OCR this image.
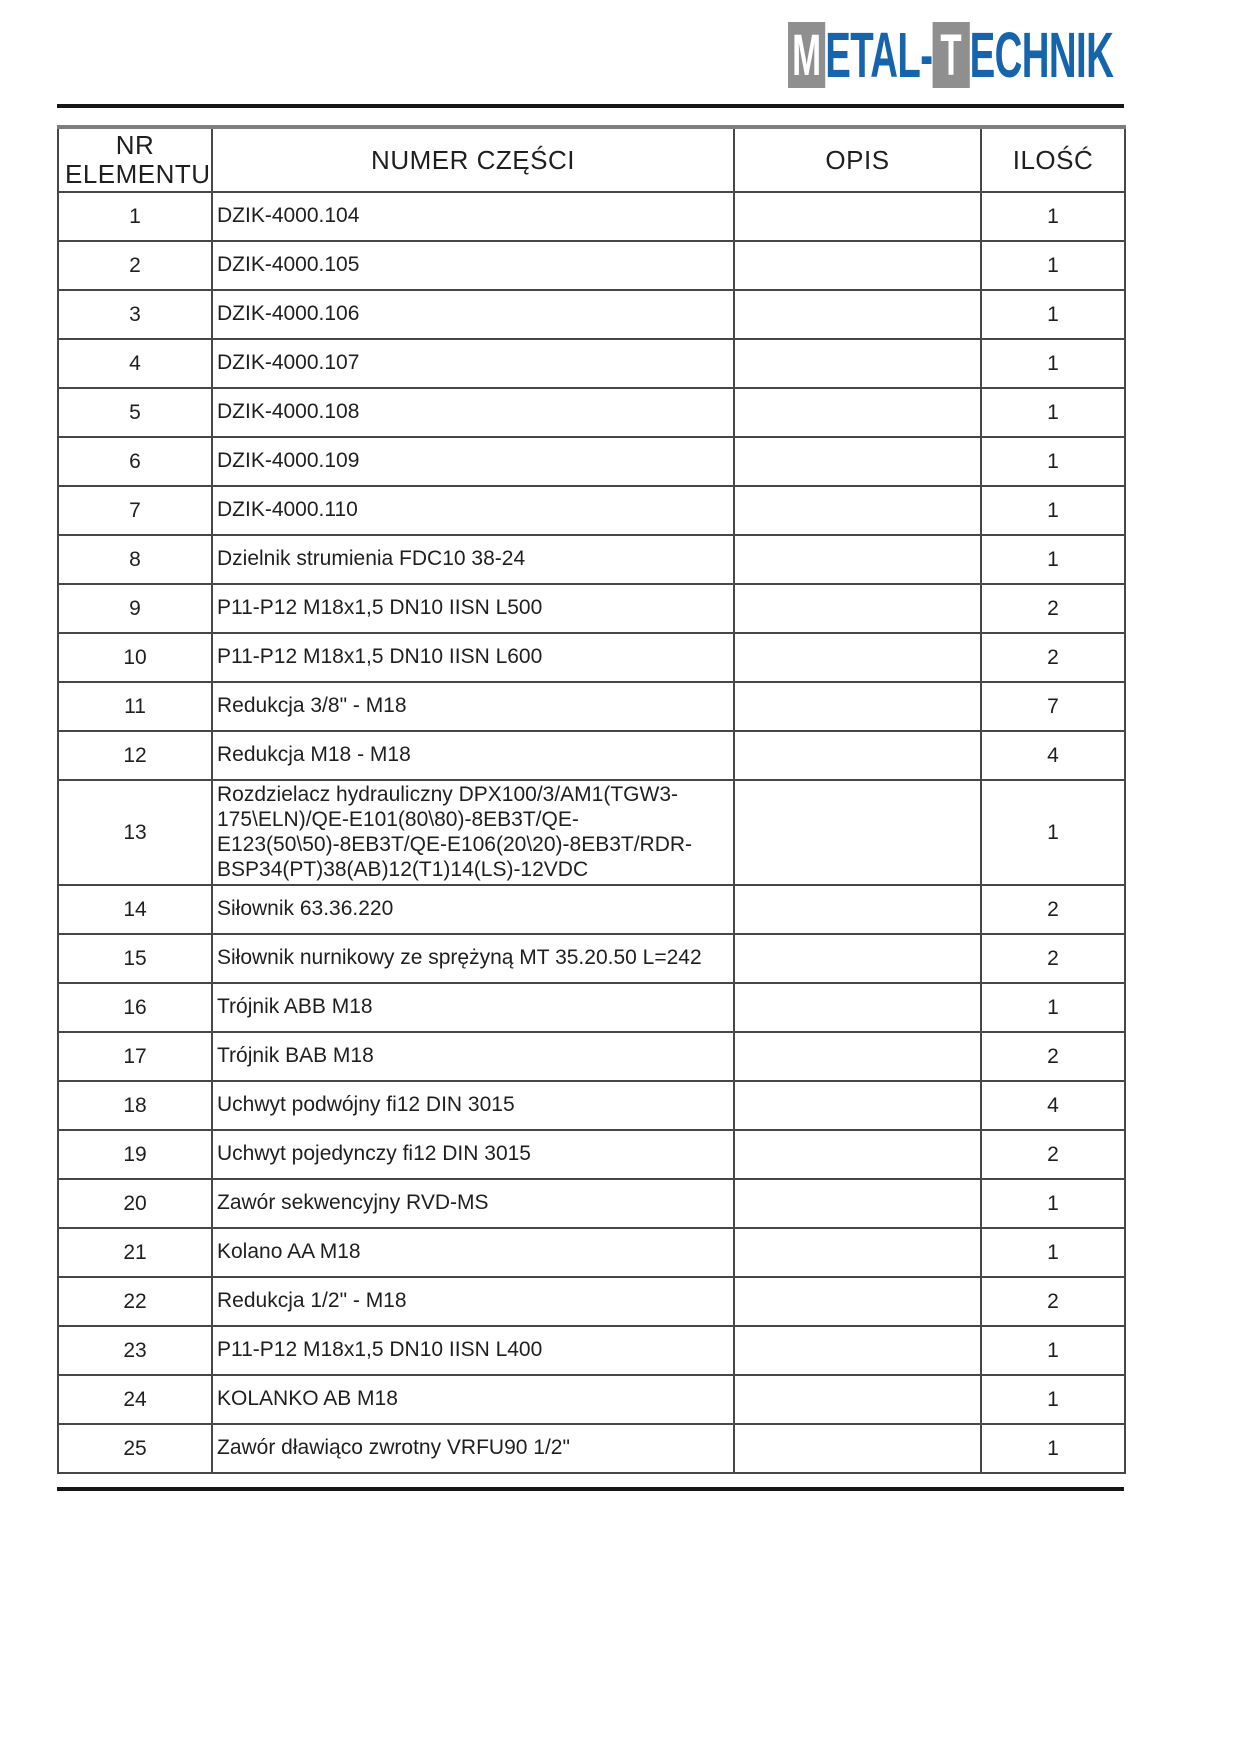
M ETAL- T ECHNIK
NR ELEMENTU	NUMER CZĘŚCI	OPIS	ILOŚĆ
1	DZIK-4000.104		1
2	DZIK-4000.105		1
3	DZIK-4000.106		1
4	DZIK-4000.107		1
5	DZIK-4000.108		1
6	DZIK-4000.109		1
7	DZIK-4000.110		1
8	Dzielnik strumienia FDC10 38-24		1
9	P11-P12 M18x1,5 DN10 IISN L500		2
10	P11-P12 M18x1,5 DN10 IISN L600		2
11	Redukcja 3/8" - M18		7
12	Redukcja M18 - M18		4
13	Rozdzielacz hydrauliczny DPX100/3/AM1(TGW3-175\ELN)/QE-E101(80\80)-8EB3T/QE-E123(50\50)-8EB3T/QE-E106(20\20)-8EB3T/RDR-BSP34(PT)38(AB)12(T1)14(LS)-12VDC		1
14	Siłownik 63.36.220		2
15	Siłownik nurnikowy ze sprężyną MT 35.20.50 L=242		2
16	Trójnik ABB M18		1
17	Trójnik BAB M18		2
18	Uchwyt podwójny fi12 DIN 3015		4
19	Uchwyt pojedynczy fi12 DIN 3015		2
20	Zawór sekwencyjny RVD-MS		1
21	Kolano AA M18		1
22	Redukcja 1/2" - M18		2
23	P11-P12 M18x1,5 DN10 IISN L400		1
24	KOLANKO AB M18		1
25	Zawór dławiąco zwrotny VRFU90 1/2"		1
